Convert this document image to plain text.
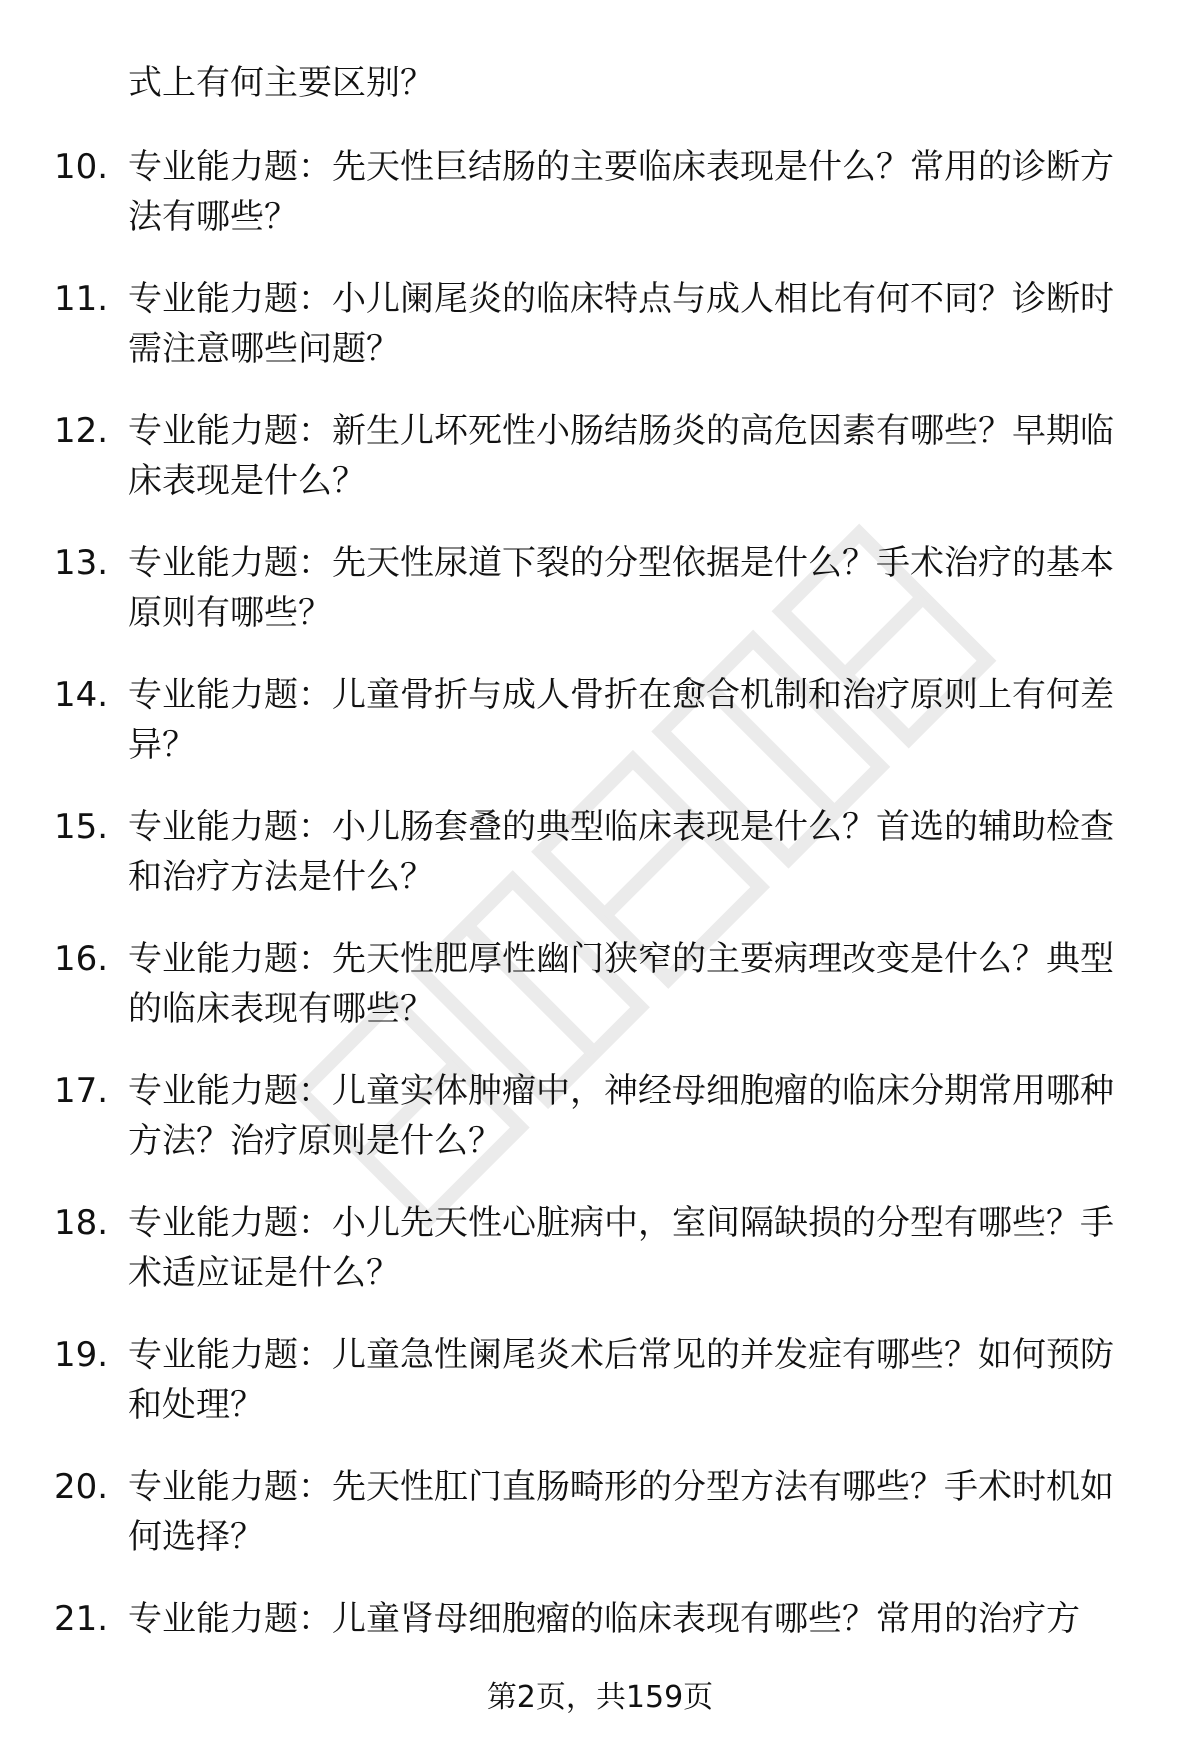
式上有何主要区别？
10. 专业能力题：先天性巨结肠的主要临床表现是什么？常用的诊断方法有哪些？
11. 专业能力题：小儿阑尾炎的临床特点与成人相比有何不同？诊断时需注意哪些问题？
12. 专业能力题：新生儿坏死性小肠结肠炎的高危因素有哪些？早期临床表现是什么？
13. 专业能力题：先天性尿道下裂的分型依据是什么？手术治疗的基本原则有哪些？
14. 专业能力题：儿童骨折与成人骨折在愈合机制和治疗原则上有何差异？
15. 专业能力题：小儿肠套叠的典型临床表现是什么？首选的辅助检查和治疗方法是什么？
16. 专业能力题：先天性肥厚性幽门狭窄的主要病理改变是什么？典型的临床表现有哪些？
17. 专业能力题：儿童实体肿瘤中，神经母细胞瘤的临床分期常用哪种方法？治疗原则是什么？
18. 专业能力题：小儿先天性心脏病中，室间隔缺损的分型有哪些？手术适应证是什么？
19. 专业能力题：儿童急性阑尾炎术后常见的并发症有哪些？如何预防和处理？
20. 专业能力题：先天性肛门直肠畸形的分型方法有哪些？手术时机如何选择？
21. 专业能力题：儿童肾母细胞瘤的临床表现有哪些？常用的治疗方
第2页，共159页
